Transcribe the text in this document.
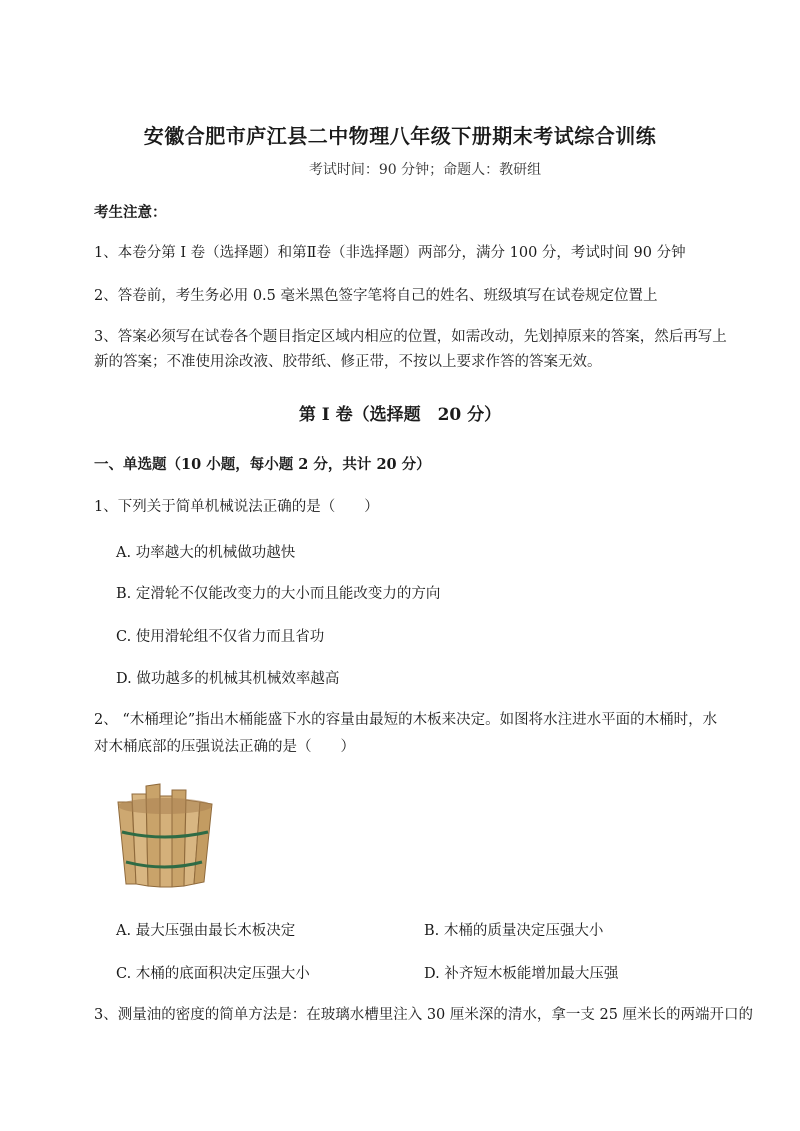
安徽合肥市庐江县二中物理八年级下册期末考试综合训练
考试时间：90 分钟；命题人：教研组
考生注意：
1、本卷分第 I 卷（选择题）和第Ⅱ卷（非选择题）两部分，满分 100 分，考试时间 90 分钟
2、答卷前，考生务必用 0.5 毫米黑色签字笔将自己的姓名、班级填写在试卷规定位置上
3、答案必须写在试卷各个题目指定区域内相应的位置，如需改动，先划掉原来的答案，然后再写上新的答案；不准使用涂改液、胶带纸、修正带，不按以上要求作答的答案无效。
第 I 卷（选择题　20 分）
一、单选题（10 小题，每小题 2 分，共计 20 分）
1、下列关于简单机械说法正确的是（　　）
A. 功率越大的机械做功越快
B. 定滑轮不仅能改变力的大小而且能改变力的方向
C. 使用滑轮组不仅省力而且省功
D. 做功越多的机械其机械效率越高
2、 “木桶理论”指出木桶能盛下水的容量由最短的木板来决定。如图将水注进水平面的木桶时，水
对木桶底部的压强说法正确的是（　　）
A. 最大压强由最长木板决定	B. 木桶的质量决定压强大小
C. 木桶的底面积决定压强大小	D. 补齐短木板能增加最大压强
3、测量油的密度的简单方法是：在玻璃水槽里注入 30 厘米深的清水，拿一支 25 厘米长的两端开口的
